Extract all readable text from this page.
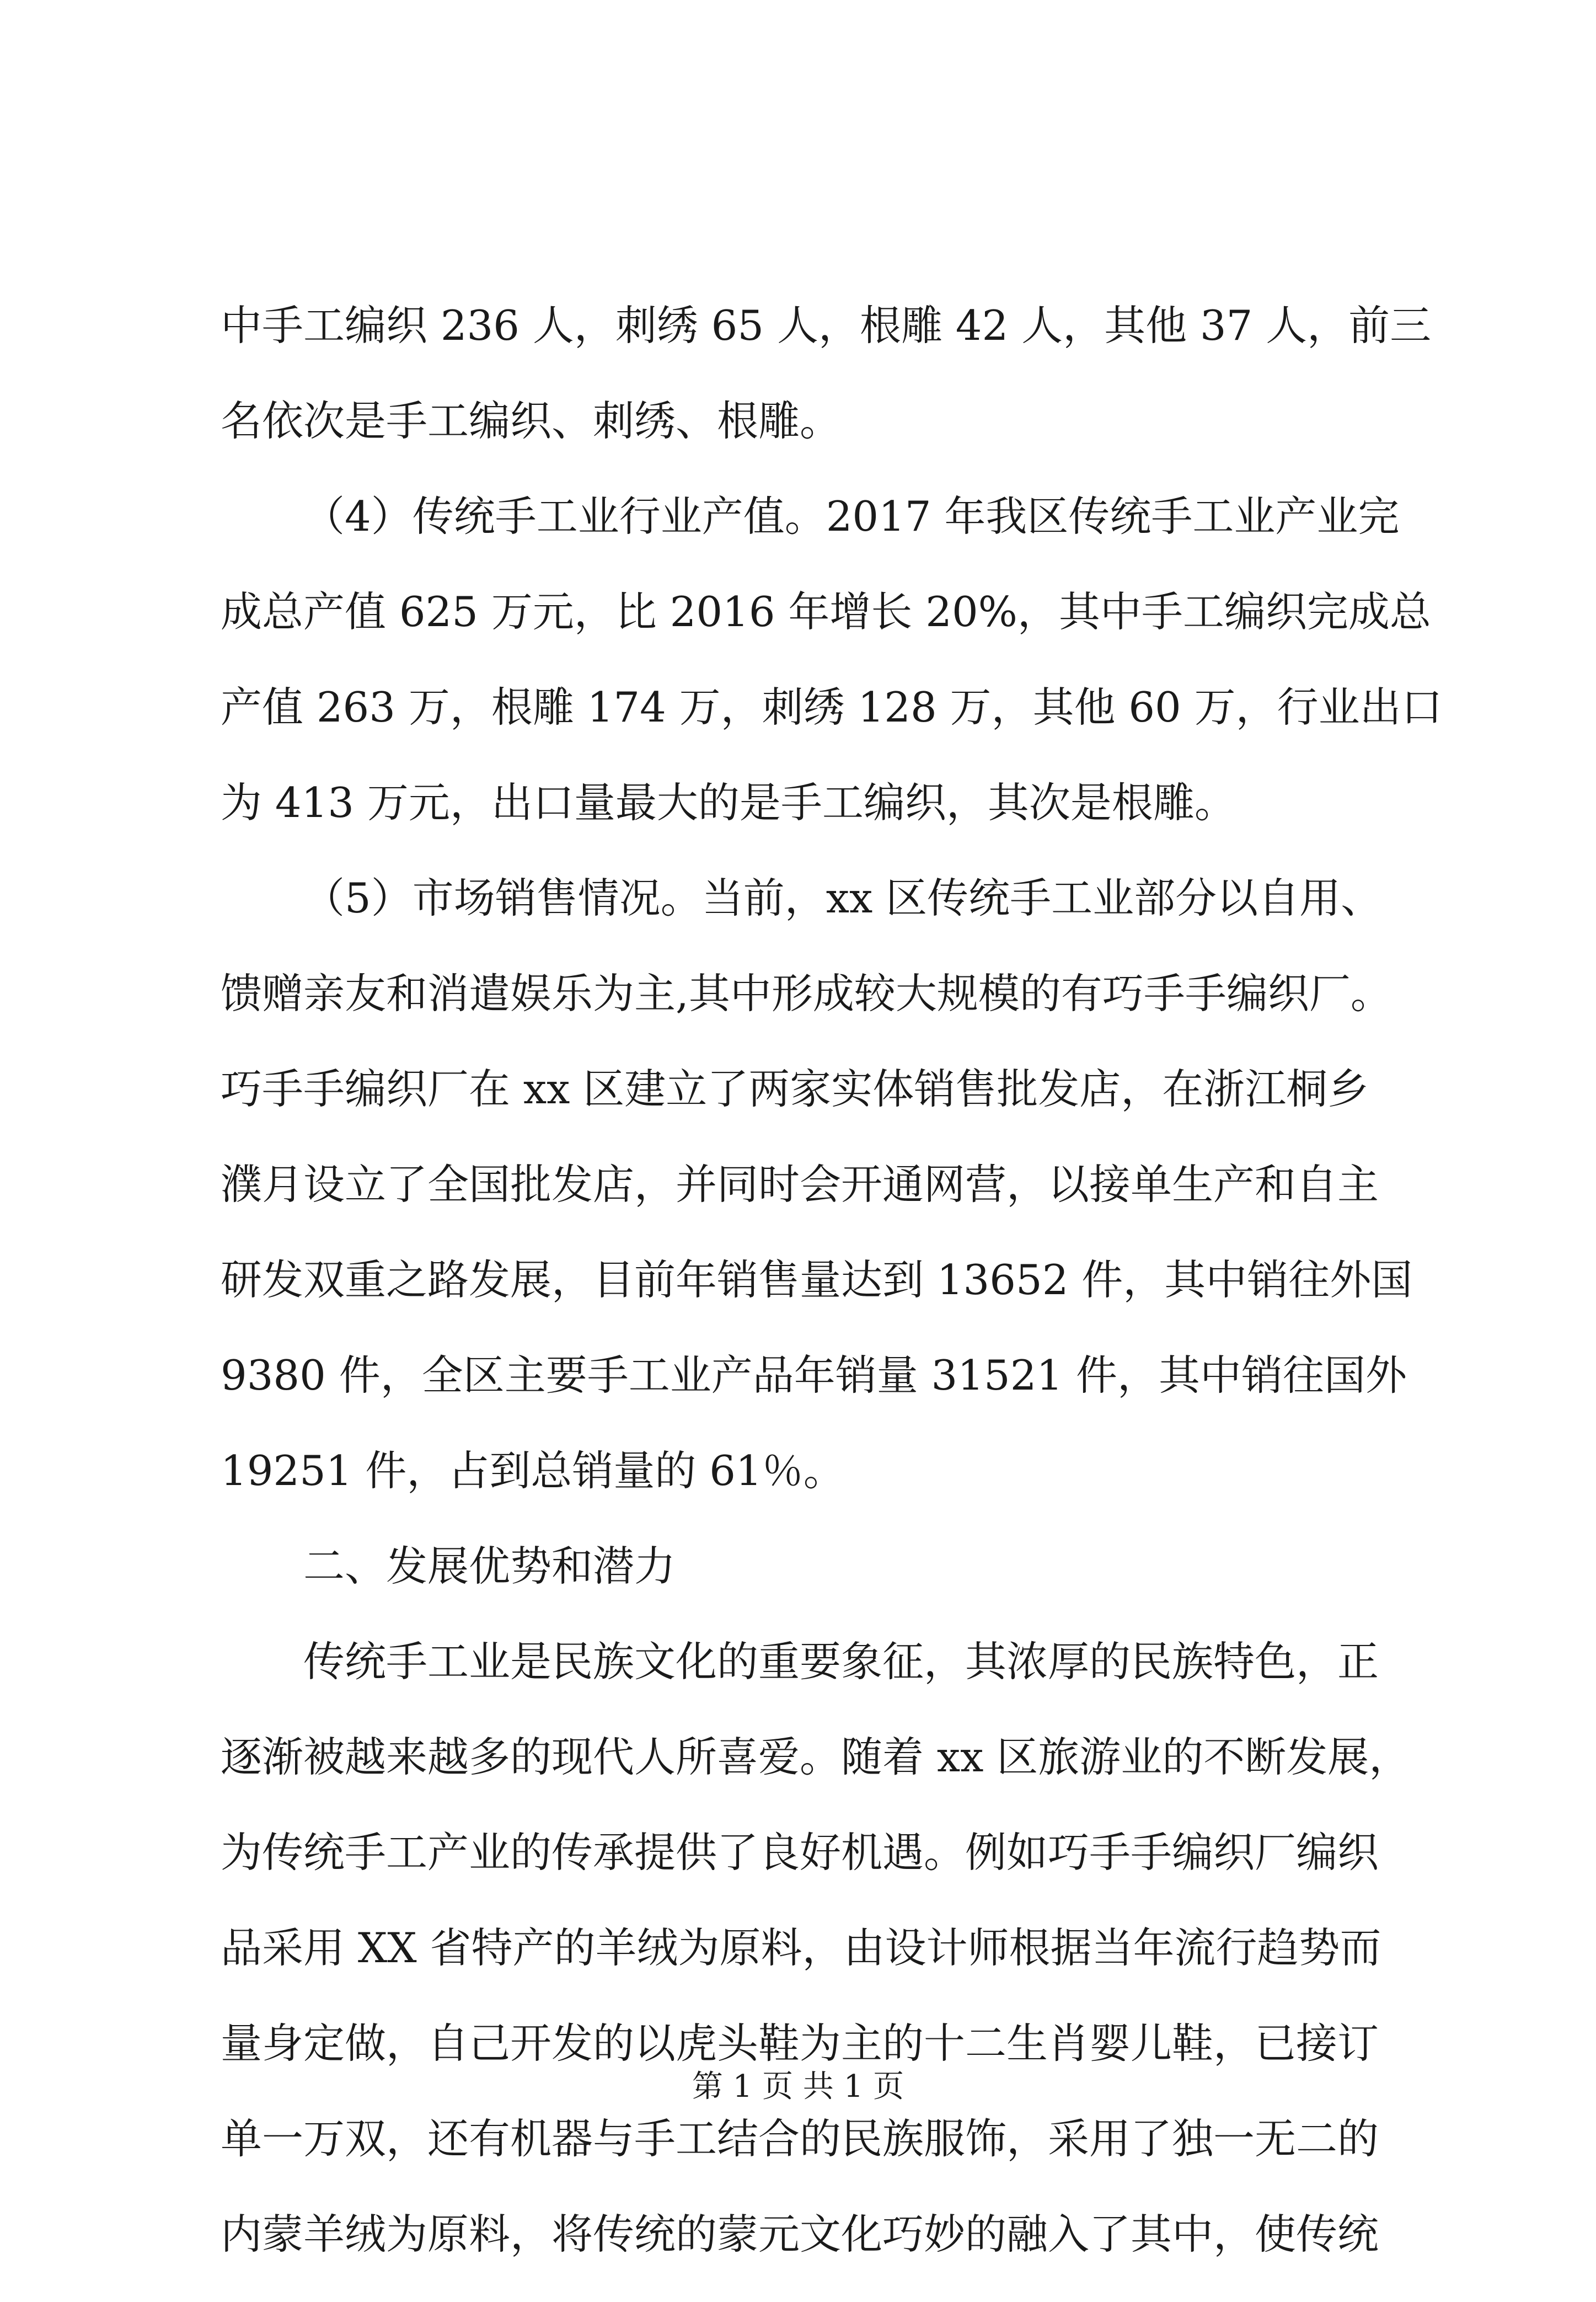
中手工编织 236 人，刺绣 65 人，根雕 42 人，其他 37 人，前三
名依次是手工编织、刺绣、根雕。
（4）传统手工业行业产值。2017 年我区传统手工业产业完
成总产值 625 万元，比 2016 年增长 20%，其中手工编织完成总
产值 263 万，根雕 174 万，刺绣 128 万，其他 60 万，行业出口
为 413 万元，出口量最大的是手工编织，其次是根雕。
（5）市场销售情况。当前，xx 区传统手工业部分以自用、
馈赠亲友和消遣娱乐为主,其中形成较大规模的有巧手手编织厂。
巧手手编织厂在 xx 区建立了两家实体销售批发店，在浙江桐乡
濮月设立了全国批发店，并同时会开通网营，以接单生产和自主
研发双重之路发展，目前年销售量达到 13652 件，其中销往外国
9380 件，全区主要手工业产品年销量 31521 件，其中销往国外
19251 件，占到总销量的 61％。
二、发展优势和潜力
传统手工业是民族文化的重要象征，其浓厚的民族特色，正
逐渐被越来越多的现代人所喜爱。随着 xx 区旅游业的不断发展，
为传统手工产业的传承提供了良好机遇。例如巧手手编织厂编织
品采用 XX 省特产的羊绒为原料，由设计师根据当年流行趋势而
量身定做，自己开发的以虎头鞋为主的十二生肖婴儿鞋，已接订
单一万双，还有机器与手工结合的民族服饰，采用了独一无二的
内蒙羊绒为原料，将传统的蒙元文化巧妙的融入了其中，使传统
第 1 页 共 1 页
